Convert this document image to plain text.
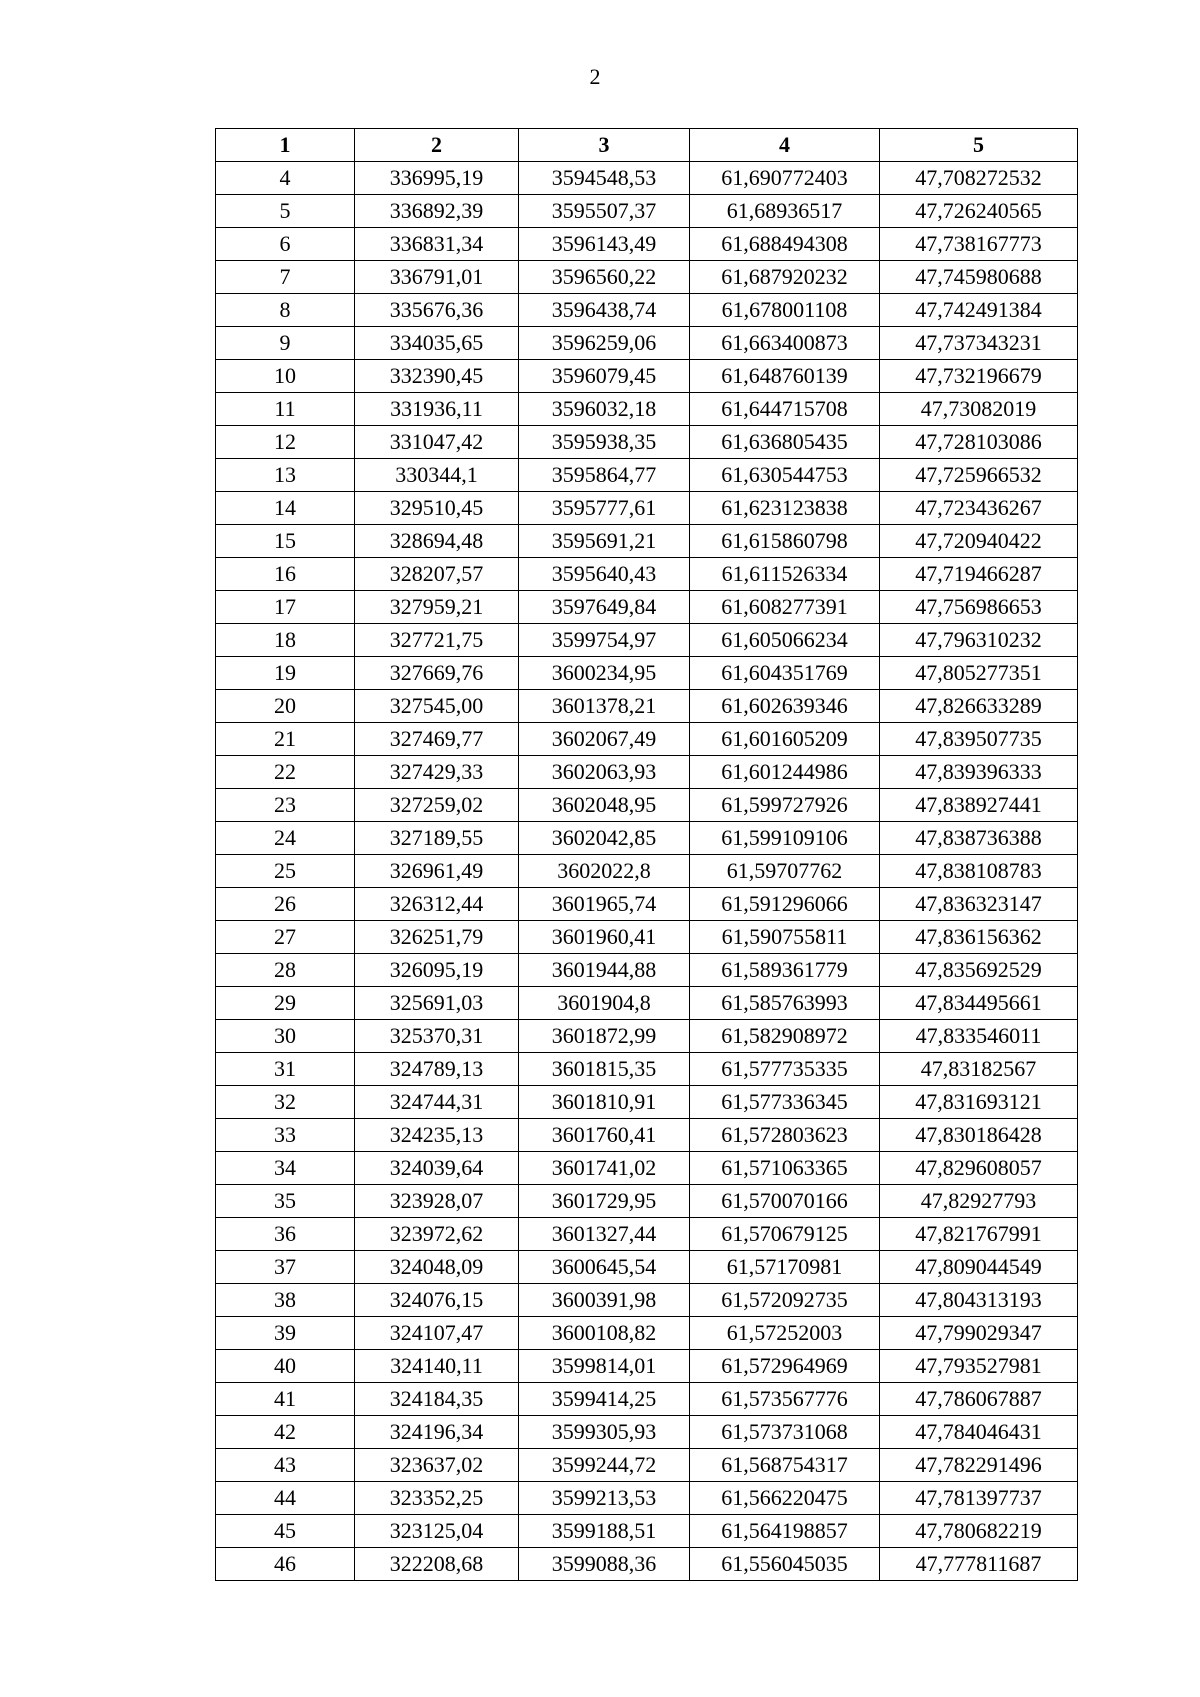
2
1	2	3	4	5
4	336995,19	3594548,53	61,690772403	47,708272532
5	336892,39	3595507,37	61,68936517	47,726240565
6	336831,34	3596143,49	61,688494308	47,738167773
7	336791,01	3596560,22	61,687920232	47,745980688
8	335676,36	3596438,74	61,678001108	47,742491384
9	334035,65	3596259,06	61,663400873	47,737343231
10	332390,45	3596079,45	61,648760139	47,732196679
11	331936,11	3596032,18	61,644715708	47,73082019
12	331047,42	3595938,35	61,636805435	47,728103086
13	330344,1	3595864,77	61,630544753	47,725966532
14	329510,45	3595777,61	61,623123838	47,723436267
15	328694,48	3595691,21	61,615860798	47,720940422
16	328207,57	3595640,43	61,611526334	47,719466287
17	327959,21	3597649,84	61,608277391	47,756986653
18	327721,75	3599754,97	61,605066234	47,796310232
19	327669,76	3600234,95	61,604351769	47,805277351
20	327545,00	3601378,21	61,602639346	47,826633289
21	327469,77	3602067,49	61,601605209	47,839507735
22	327429,33	3602063,93	61,601244986	47,839396333
23	327259,02	3602048,95	61,599727926	47,838927441
24	327189,55	3602042,85	61,599109106	47,838736388
25	326961,49	3602022,8	61,59707762	47,838108783
26	326312,44	3601965,74	61,591296066	47,836323147
27	326251,79	3601960,41	61,590755811	47,836156362
28	326095,19	3601944,88	61,589361779	47,835692529
29	325691,03	3601904,8	61,585763993	47,834495661
30	325370,31	3601872,99	61,582908972	47,833546011
31	324789,13	3601815,35	61,577735335	47,83182567
32	324744,31	3601810,91	61,577336345	47,831693121
33	324235,13	3601760,41	61,572803623	47,830186428
34	324039,64	3601741,02	61,571063365	47,829608057
35	323928,07	3601729,95	61,570070166	47,82927793
36	323972,62	3601327,44	61,570679125	47,821767991
37	324048,09	3600645,54	61,57170981	47,809044549
38	324076,15	3600391,98	61,572092735	47,804313193
39	324107,47	3600108,82	61,57252003	47,799029347
40	324140,11	3599814,01	61,572964969	47,793527981
41	324184,35	3599414,25	61,573567776	47,786067887
42	324196,34	3599305,93	61,573731068	47,784046431
43	323637,02	3599244,72	61,568754317	47,782291496
44	323352,25	3599213,53	61,566220475	47,781397737
45	323125,04	3599188,51	61,564198857	47,780682219
46	322208,68	3599088,36	61,556045035	47,777811687
